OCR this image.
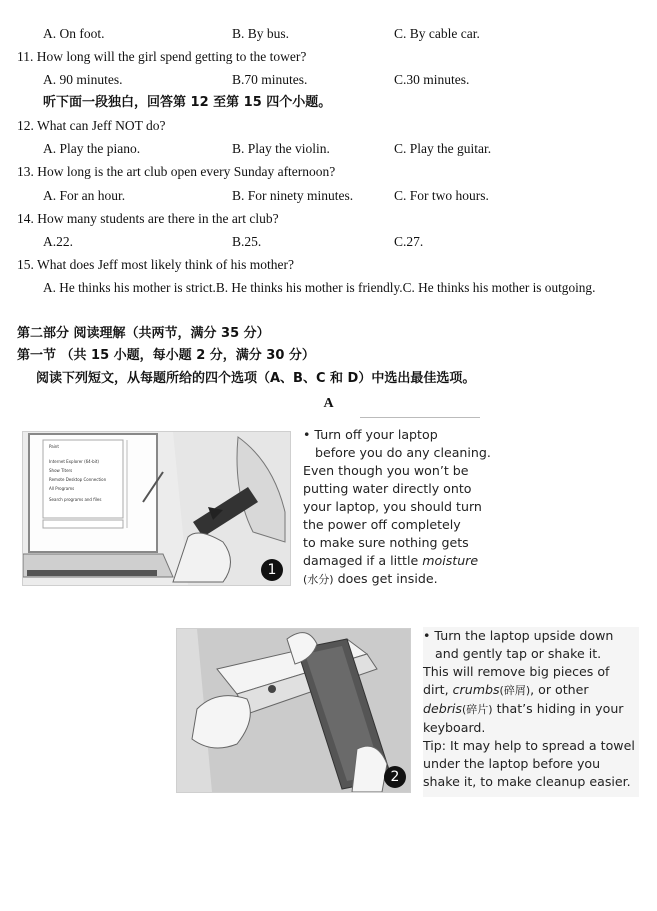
A. On foot.	B. By bus.	C. By cable car.
11. How long will the girl spend getting to the tower?
A. 90 minutes.	B.70 minutes.	C.30 minutes.
听下面一段独白，回答第 12 至第 15 四个小题。
12. What can Jeff NOT do?
A. Play the piano.	B. Play the violin.	C. Play the guitar.
13. How long is the art club open every Sunday afternoon?
A. For an hour.	B. For ninety minutes.	C. For two hours.
14. How many students are there in the art club?
A.22.	B.25.	C.27.
15. What does Jeff most likely think of his mother?
A. He thinks his mother is strict.B. He thinks his mother is friendly.C. He thinks his mother is outgoing.
第二部分 阅读理解（共两节，满分 35 分）
第一节 （共 15 小题，每小题 2 分，满分 30 分）
阅读下列短文，从每题所给的四个选项（A、B、C 和 D）中选出最佳选项。
A
Paint
Internet Explorer (64-bit)
Show Titers
Remote Desktop Connection
All Programs
Search programs and files
1
• Turn off your laptop
before you do any cleaning.
Even though you won’t be
putting water directly onto
your laptop, you should turn
the power off completely
to make sure nothing gets
damaged if a little moisture
(水分) does get inside.
2
• Turn the laptop upside down
and gently tap or shake it.
This will remove big pieces of
dirt, crumbs(碎屑), or other
debris(碎片) that’s hiding in your
keyboard.
Tip: It may help to spread a towel
under the laptop before you
shake it, to make cleanup easier.
